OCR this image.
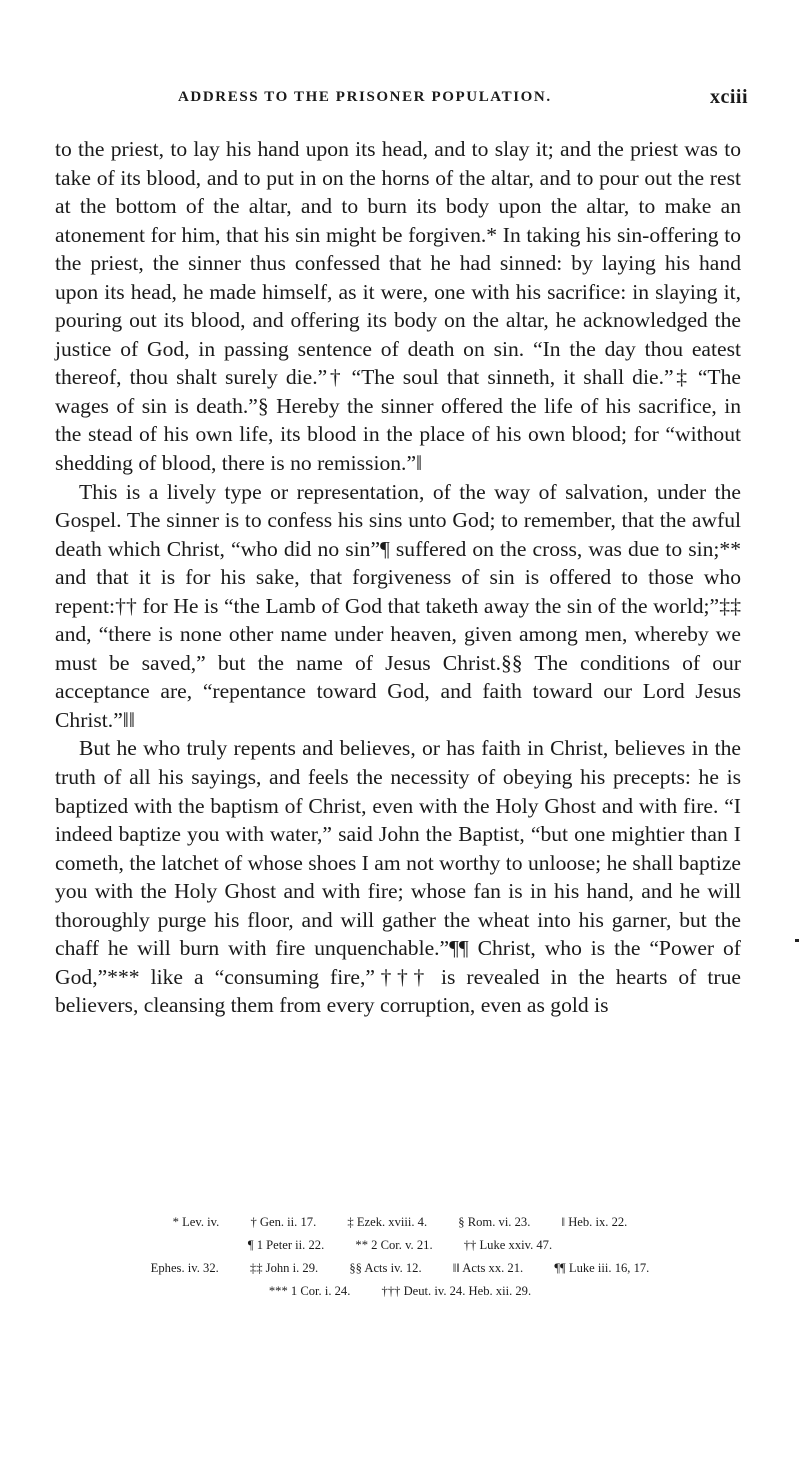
ADDRESS TO THE PRISONER POPULATION.	xciii

to the priest, to lay his hand upon its head, and to slay it; and the priest was to take of its blood, and to put in on the horns of the altar, and to pour out the rest at the bottom of the altar, and to burn its body upon the altar, to make an atonement for him, that his sin might be forgiven.* In taking his sin-offering to the priest, the sinner thus confessed that he had sinned: by laying his hand upon its head, he made himself, as it were, one with his sacrifice: in slaying it, pouring out its blood, and offering its body on the altar, he acknowledged the justice of God, in passing sentence of death on sin. “In the day thou eatest thereof, thou shalt surely die.”† “The soul that sinneth, it shall die.”‡ “The wages of sin is death.”§ Hereby the sinner offered the life of his sacrifice, in the stead of his own life, its blood in the place of his own blood; for “without shedding of blood, there is no remission.”‖

This is a lively type or representation, of the way of salvation, under the Gospel. The sinner is to confess his sins unto God; to remember, that the awful death which Christ, “who did no sin”¶ suffered on the cross, was due to sin;** and that it is for his sake, that forgiveness of sin is offered to those who repent:†† for He is “the Lamb of God that taketh away the sin of the world;”‡‡ and, “there is none other name under heaven, given among men, whereby we must be saved,” but the name of Jesus Christ.§§ The conditions of our acceptance are, “repentance toward God, and faith toward our Lord Jesus Christ.”‖‖

But he who truly repents and believes, or has faith in Christ, believes in the truth of all his sayings, and feels the necessity of obeying his precepts: he is baptized with the baptism of Christ, even with the Holy Ghost and with fire. “I indeed baptize you with water,” said John the Baptist, “but one mightier than I cometh, the latchet of whose shoes I am not worthy to unloose; he shall baptize you with the Holy Ghost and with fire; whose fan is in his hand, and he will thoroughly purge his floor, and will gather the wheat into his garner, but the chaff he will burn with fire unquenchable.”¶¶ Christ, who is the “Power of God,”*** like a “consuming fire,”††† is revealed in the hearts of true believers, cleansing them from every corruption, even as gold is

* Lev. iv. † Gen. ii. 17. ‡ Ezek. xviii. 4. § Rom. vi. 23. ‖ Heb. ix. 22.
¶ 1 Peter ii. 22. ** 2 Cor. v. 21. †† Luke xxiv. 47.
Ephes. iv. 32. ‡‡ John i. 29. §§ Acts iv. 12. ‖‖ Acts xx. 21. ¶¶ Luke iii. 16, 17.
*** 1 Cor. i. 24. ††† Deut. iv. 24. Heb. xii. 29.
